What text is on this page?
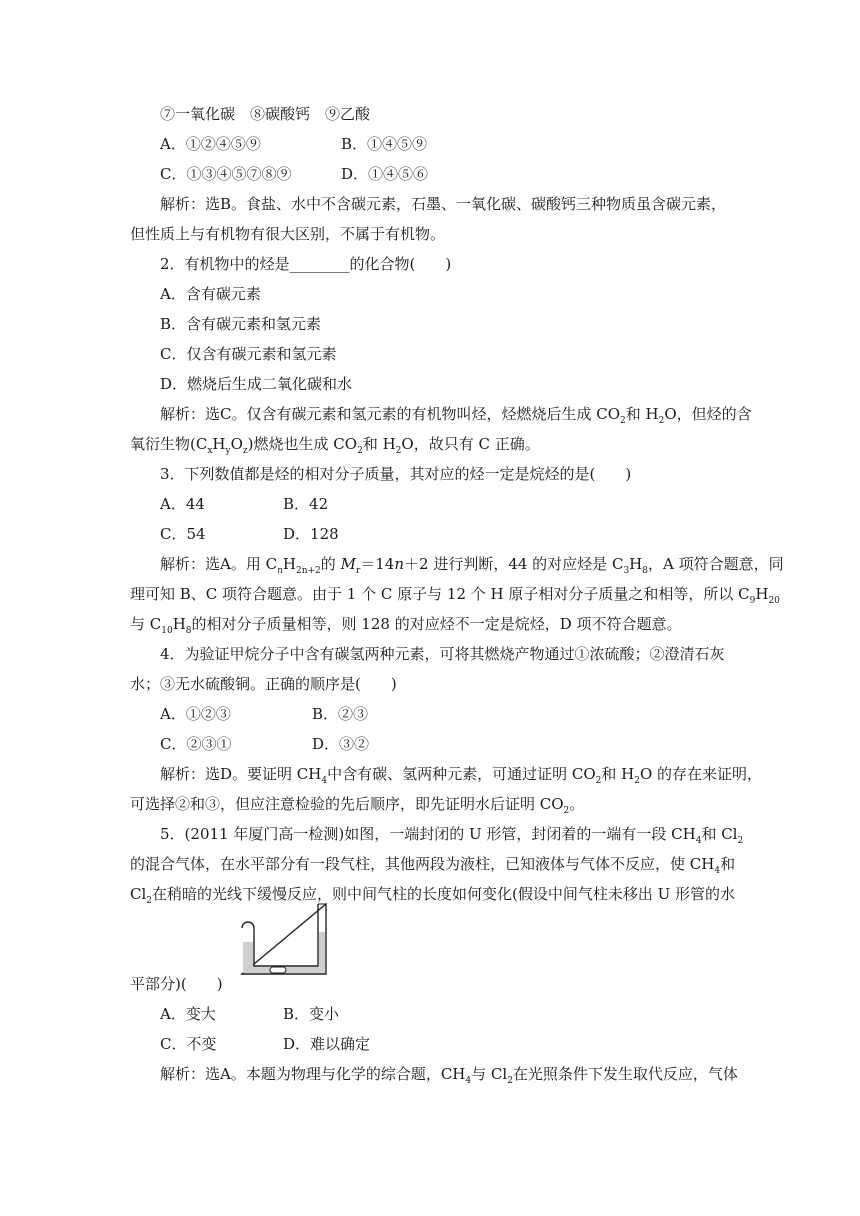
⑦一氧化碳　⑧碳酸钙　⑨乙酸
A．①②④⑤⑨	B．①④⑤⑨
C．①③④⑤⑦⑧⑨	D．①④⑤⑥
解析：选B。食盐、水中不含碳元素，石墨、一氧化碳、碳酸钙三种物质虽含碳元素，
但性质上与有机物有很大区别，不属于有机物。
2．有机物中的烃是________的化合物(　　)
A．含有碳元素
B．含有碳元素和氢元素
C．仅含有碳元素和氢元素
D．燃烧后生成二氧化碳和水
解析：选C。仅含有碳元素和氢元素的有机物叫烃，烃燃烧后生成 $CO_2$和 $H_2O$，但烃的含
氧衍生物$(C_xH_yO_z)$燃烧也生成 $CO_2$和 $H_2O$，故只有 C 正确。
3．下列数值都是烃的相对分子质量，其对应的烃一定是烷烃的是(　　)
A．44	B．42
C．54	D．128
解析：选A。用 $C_nH_{2n+2}$的 $M_r=14n+2$ 进行判断，44 的对应烃是 $C_3H_8$，A 项符合题意，同
理可知 B、C 项符合题意。由于 1 个 C 原子与 12 个 H 原子相对分子质量之和相等，所以 $C_9H_{20}$
与 $C_{10}H_8$的相对分子质量相等，则 128 的对应烃不一定是烷烃，D 项不符合题意。
4．为验证甲烷分子中含有碳氢两种元素，可将其燃烧产物通过①浓硫酸；②澄清石灰
水；③无水硫酸铜。正确的顺序是(　　)
A．①②③	B．②③
C．②③①	D．③②
解析：选D。要证明 $CH_4$中含有碳、氢两种元素，可通过证明 $CO_2$和 $H_2O$ 的存在来证明，
可选择②和③，但应注意检验的先后顺序，即先证明水后证明 $CO_2$。
5．(2011 年厦门高一检测)如图，一端封闭的 U 形管，封闭着的一端有一段 $CH_4$和 $Cl_2$
的混合气体，在水平部分有一段气柱，其他两段为液柱，已知液体与气体不反应，使 $CH_4$和
$Cl_2$在稍暗的光线下缓慢反应，则中间气柱的长度如何变化(假设中间气柱未移出 U 形管的水
平部分)(　　)
A．变大	B．变小
C．不变	D．难以确定
解析：选A。本题为物理与化学的综合题，$CH_4$与 $Cl_2$在光照条件下发生取代反应，气体
